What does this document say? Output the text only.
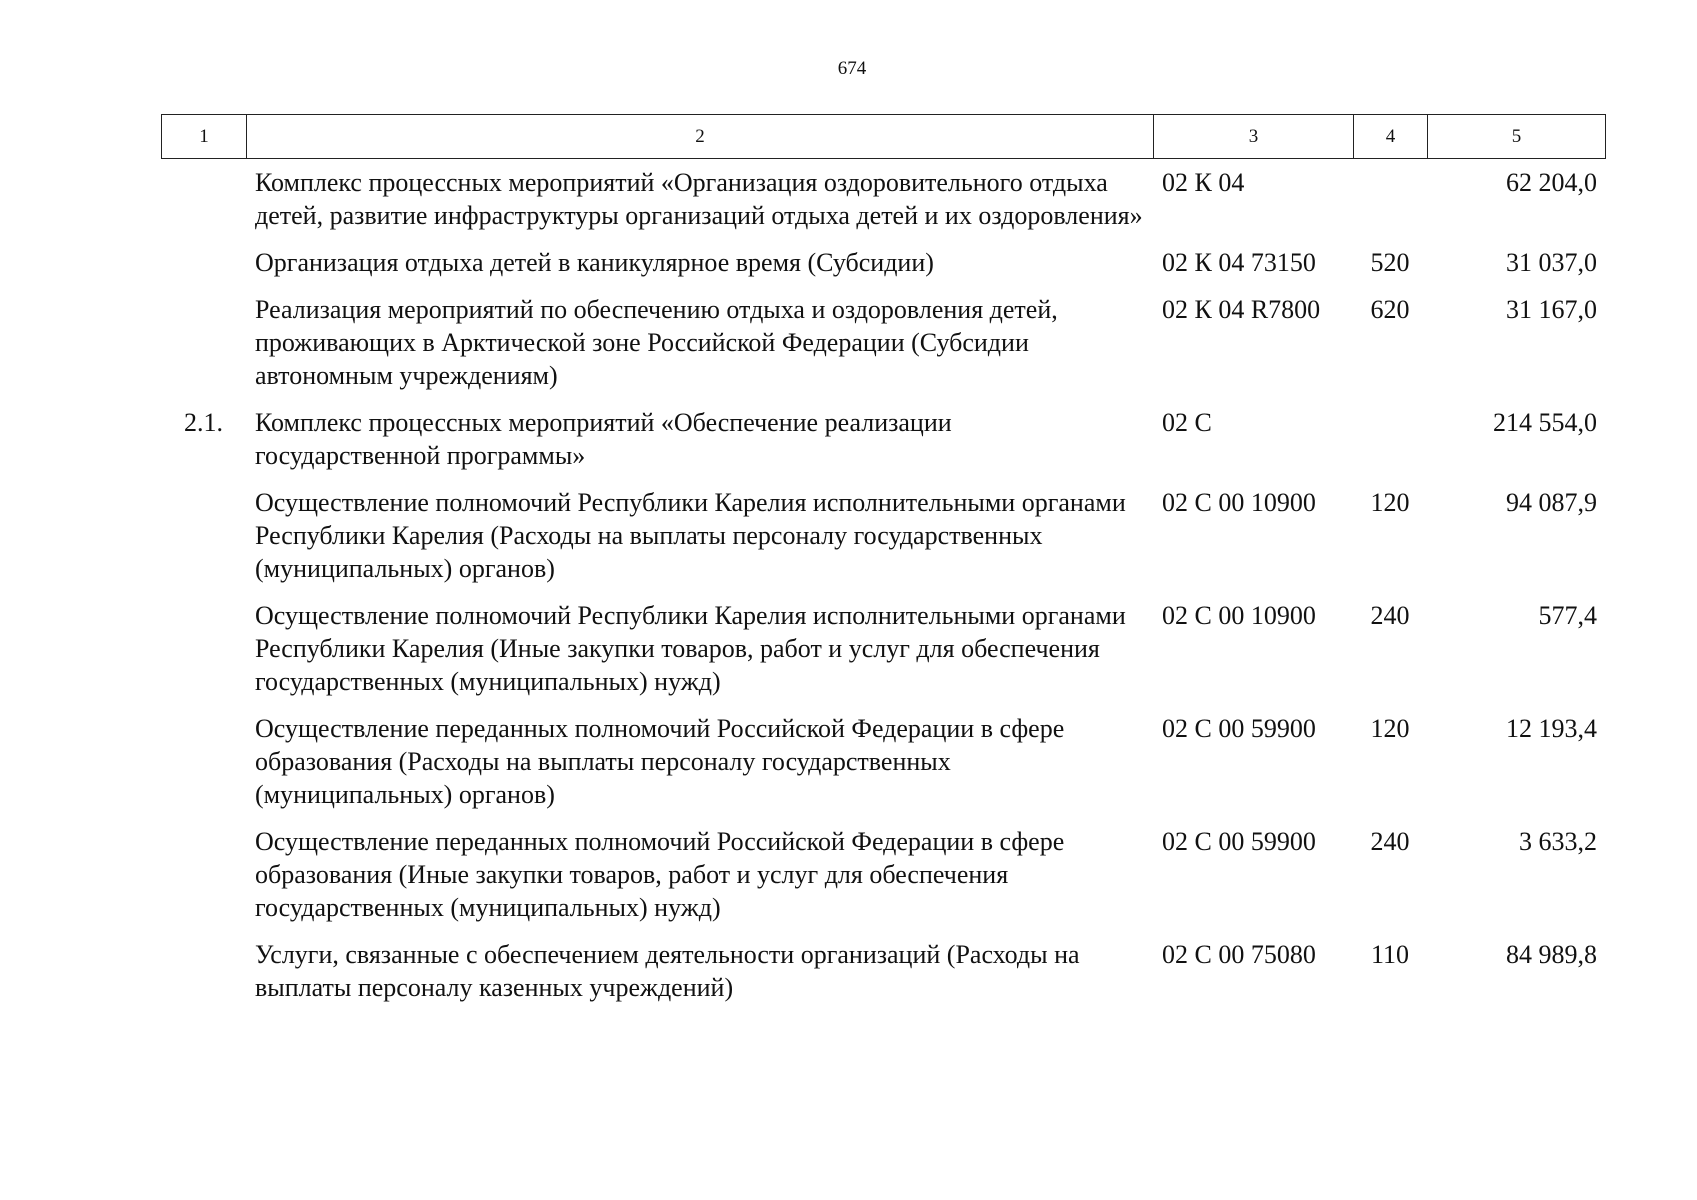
674
1	2	3	4	5
	Комплекс процессных мероприятий «Организация оздоровительного отдыха детей, развитие инфраструктуры организаций отдыха детей и их оздоровления»	02 К 04		62 204,0
	Организация отдыха детей в каникулярное время (Субсидии)	02 К 04 73150	520	31 037,0
	Реализация мероприятий по обеспечению отдыха и оздоровления детей, проживающих в Арктической зоне Российской Федерации (Субсидии автономным учреждениям)	02 К 04 R7800	620	31 167,0
2.1.	Комплекс процессных мероприятий «Обеспечение реализации государственной программы»	02 С		214 554,0
	Осуществление полномочий Республики Карелия исполнительными органами Республики Карелия (Расходы на выплаты персоналу государственных (муниципальных) органов)	02 С 00 10900	120	94 087,9
	Осуществление полномочий Республики Карелия исполнительными органами Республики Карелия (Иные закупки товаров, работ и услуг для обеспечения государственных (муниципальных) нужд)	02 С 00 10900	240	577,4
	Осуществление переданных полномочий Российской Федерации в сфере образования (Расходы на выплаты персоналу государственных (муниципальных) органов)	02 С 00 59900	120	12 193,4
	Осуществление переданных полномочий Российской Федерации в сфере образования (Иные закупки товаров, работ и услуг для обеспечения государственных (муниципальных) нужд)	02 С 00 59900	240	3 633,2
	Услуги, связанные с обеспечением деятельности организаций (Расходы на выплаты персоналу казенных учреждений)	02 С 00 75080	110	84 989,8
